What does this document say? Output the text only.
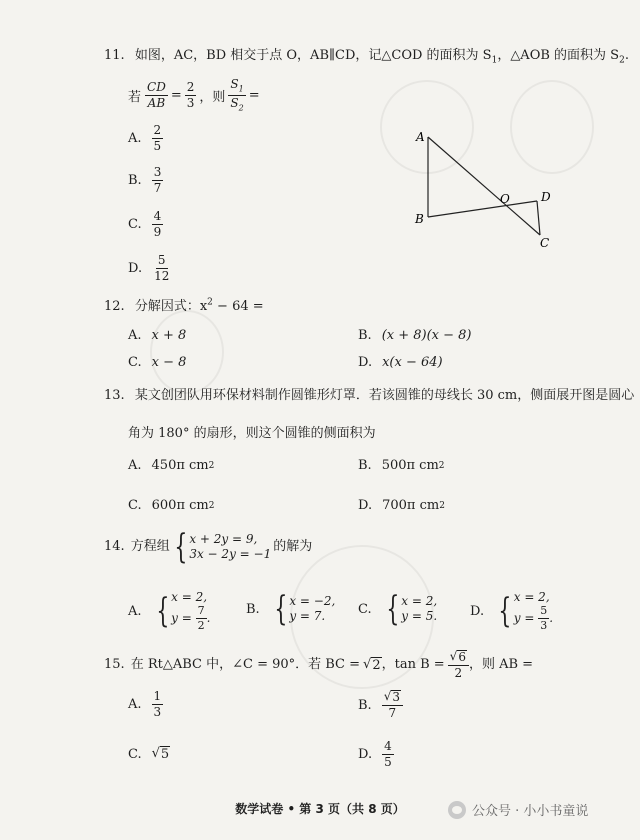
11. 如图，AC，BD 相交于点 O，AB∥CD，记△COD 的面积为 $S_1$，△AOB 的面积为 $S_2$.
若 $\frac{CD}{AB} = \frac{2}{3}$ ，则 $\frac{S_1}{S_2}$ =
A. $\frac{2}{5}$
B. $\frac{3}{7}$
C. $\frac{4}{9}$
D. $\frac{5}{12}$
A
B
O	D
C
12. 分解因式：$x^2 - 64$ =
A. x + 8	B. (x + 8)(x − 8)
C. x − 8	D. x(x − 64)
13. 某文创团队用环保材料制作圆锥形灯罩．若该圆锥的母线长 30 cm，侧面展开图是圆心
角为 180° 的扇形，则这个圆锥的侧面积为
A. 450π cm 2	B. 500π cm 2
C. 600π cm 2	D. 700π cm 2
14. 方程组 { x + 2y = 9,
3x − 2y = −1 的解为
A. { x = 2,
y =
$\frac{7}{2}$ .
B. { x = −2,
y = 7.	C. { x = 2,
y = 5.	D. { x = 2,
y =
$\frac{5}{3}$ .
15. 在 Rt△ABC 中，∠C = 90°．若 BC = √ 2 ，$\tan B = \frac{√ 6}{2}$ ，则 AB =
A. $\frac{1}{3}$	B. $\frac{√ 3}{7}$
C. √ 5	D. $\frac{4}{5}$
数学试卷 • 第 3 页（共 8 页）	公众号 · 小小书童说
